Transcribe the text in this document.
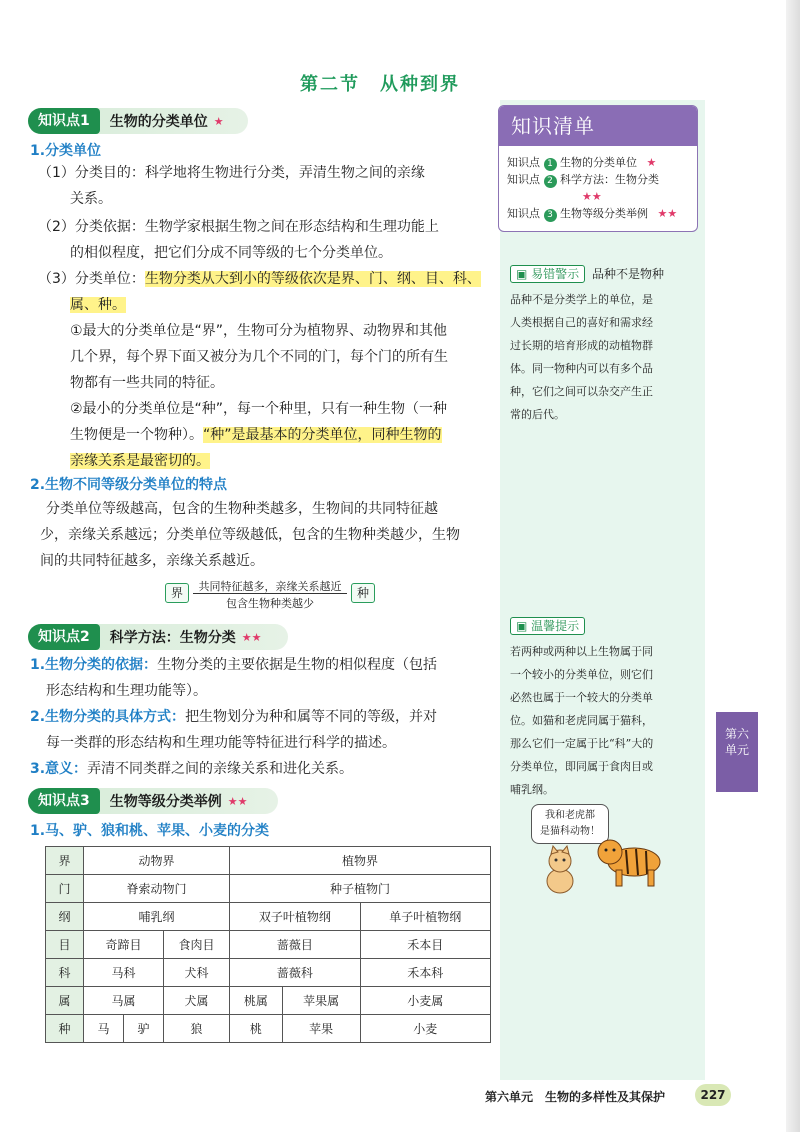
第二节　从种到界
知识点1	生物的分类单位 ★
1.分类单位
（1）分类目的：科学地将生物进行分类，弄清生物之间的亲缘
关系。
（2）分类依据：生物学家根据生物之间在形态结构和生理功能上
的相似程度，把它们分成不同等级的七个分类单位。
（3）分类单位：生物分类从大到小的等级依次是界、门、纲、目、科、
属、种。
①最大的分类单位是“界”，生物可分为植物界、动物界和其他
几个界，每个界下面又被分为几个不同的门，每个门的所有生
物都有一些共同的特征。
②最小的分类单位是“种”，每一个种里，只有一种生物（一种
生物便是一个物种）。“种”是最基本的分类单位，同种生物的
亲缘关系是最密切的。
2.生物不同等级分类单位的特点
分类单位等级越高，包含的生物种类越多，生物间的共同特征越
少，亲缘关系越远；分类单位等级越低，包含的生物种类越少，生物
间的共同特征越多，亲缘关系越近。
界	共同特征越多，亲缘关系越近
包含生物种类越少
种
知识点2	科学方法：生物分类 ★★
1.生物分类的依据：生物分类的主要依据是生物的相似程度（包括
形态结构和生理功能等）。
2.生物分类的具体方式：把生物划分为种和属等不同的等级，并对
每一类群的形态结构和生理功能等特征进行科学的描述。
3.意义：弄清不同类群之间的亲缘关系和进化关系。
知识点3	生物等级分类举例 ★★
1.马、驴、狼和桃、苹果、小麦的分类
界	动物界			植物界		
门	脊索动物门			种子植物门		
纲	哺乳纲			双子叶植物纲		单子叶植物纲
目	奇蹄目		食肉目	蔷薇目		禾本目
科	马科		犬科	蔷薇科		禾本科
属	马属		犬属	桃属	苹果属	小麦属
种	马	驴	狼	桃	苹果	小麦
知识清单
知识点 1 生物的分类单位 ★
知识点 2 科学方法：生物分类
★★
知识点 3 生物等级分类举例 ★★
▣ 易错警示	品种不是物种
品种不是分类学上的单位，是
人类根据自己的喜好和需求经
过长期的培育形成的动植物群
体。同一物种内可以有多个品
种，它们之间可以杂交产生正
常的后代。
▣ 温馨提示
若两种或两种以上生物属于同
一个较小的分类单位，则它们
必然也属于一个较大的分类单
位。如猫和老虎同属于猫科，
那么它们一定属于比“科”大的
分类单位，即同属于食肉目或
哺乳纲。
我和老虎都
是猫科动物！
第六
单元
第六单元　生物的多样性及其保护	227
